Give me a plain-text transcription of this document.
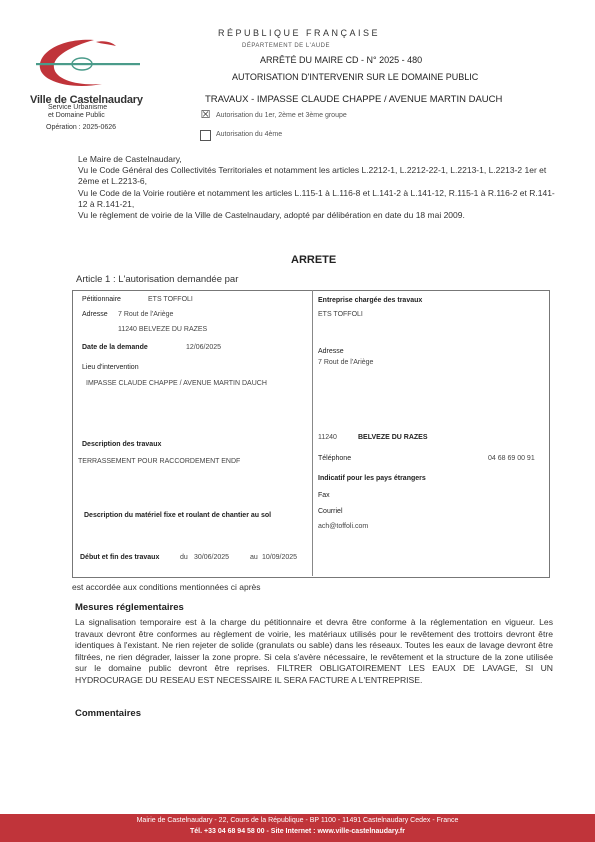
Ville de Castelnaudary
Service Urbanisme
et Domaine Public
Opération : 2025-0626
RÉPUBLIQUE FRANÇAISE
DÉPARTEMENT DE L'AUDE
ARRÊTÉ DU MAIRE CD - N° 2025 - 480
AUTORISATION D'INTERVENIR SUR LE DOMAINE PUBLIC
TRAVAUX - IMPASSE CLAUDE CHAPPE / AVENUE MARTIN DAUCH
☒ Autorisation du 1er, 2ème et 3ème groupe
Autorisation du 4ème

Le Maire de Castelnaudary,

Vu le Code Général des Collectivités Territoriales et notamment les articles L.2212-1, L.2212-22-1, L.2213-1, L.2213-2 1er et 2ème et L.2213-6,

Vu le Code de la Voirie routière et notamment les articles L.115-1 à L.116-8 et L.141-2 à L.141-12, R.115-1 à R.116-2 et R.141-12 à R.141-21,

Vu le règlement de voirie de la Ville de Castelnaudary, adopté par délibération en date du 18 mai 2009.

ARRETE
Article 1 : L'autorisation demandée par
Pétitionnaire	ETS TOFFOLI
Adresse 7 Rout de l'Ariège
11240 BELVEZE DU RAZES
Date de la demande	12/06/2025
Lieu d'intervention
IMPASSE CLAUDE CHAPPE / AVENUE MARTIN DAUCH
Description des travaux
TERRASSEMENT POUR RACCORDEMENT ENDF
Description du matériel fixe et roulant de chantier au sol
Début et fin des travaux	du 30/06/2025	au 10/09/2025
Entreprise chargée des travaux
ETS TOFFOLI
Adresse
7 Rout de l'Ariège
11240	BELVEZE DU RAZES
Téléphone	04 68 69 00 91
Indicatif pour les pays étrangers
Fax
Courriel
ach@toffoli.com
est accordée aux conditions mentionnées ci après
Mesures réglementaires
La signalisation temporaire est à la charge du pétitionnaire et devra être conforme à la réglementation en vigueur. Les travaux devront être conformes au règlement de voirie, les matériaux utilisés pour le revêtement des trottoirs devront être identiques à l'existant. Ne rien rejeter de solide (granulats ou sable) dans les réseaux. Toutes les eaux de lavage devront être filtrées, ne rien dégrader, laisser la zone propre. Si cela s'avère nécessaire, le revêtement et la structure de la zone utilisée sur le domaine public devront être reprises. FILTRER OBLIGATOIREMENT LES EAUX DE LAVAGE, SI UN HYDROCURAGE DU RESEAU EST NECESSAIRE IL SERA FACTURE A L'ENTREPRISE.
Commentaires
Mairie de Castelnaudary - 22, Cours de la République - BP 1100 - 11491 Castelnaudary Cedex - France
Tél. +33 04 68 94 58 00 - Site Internet : www.ville-castelnaudary.fr
